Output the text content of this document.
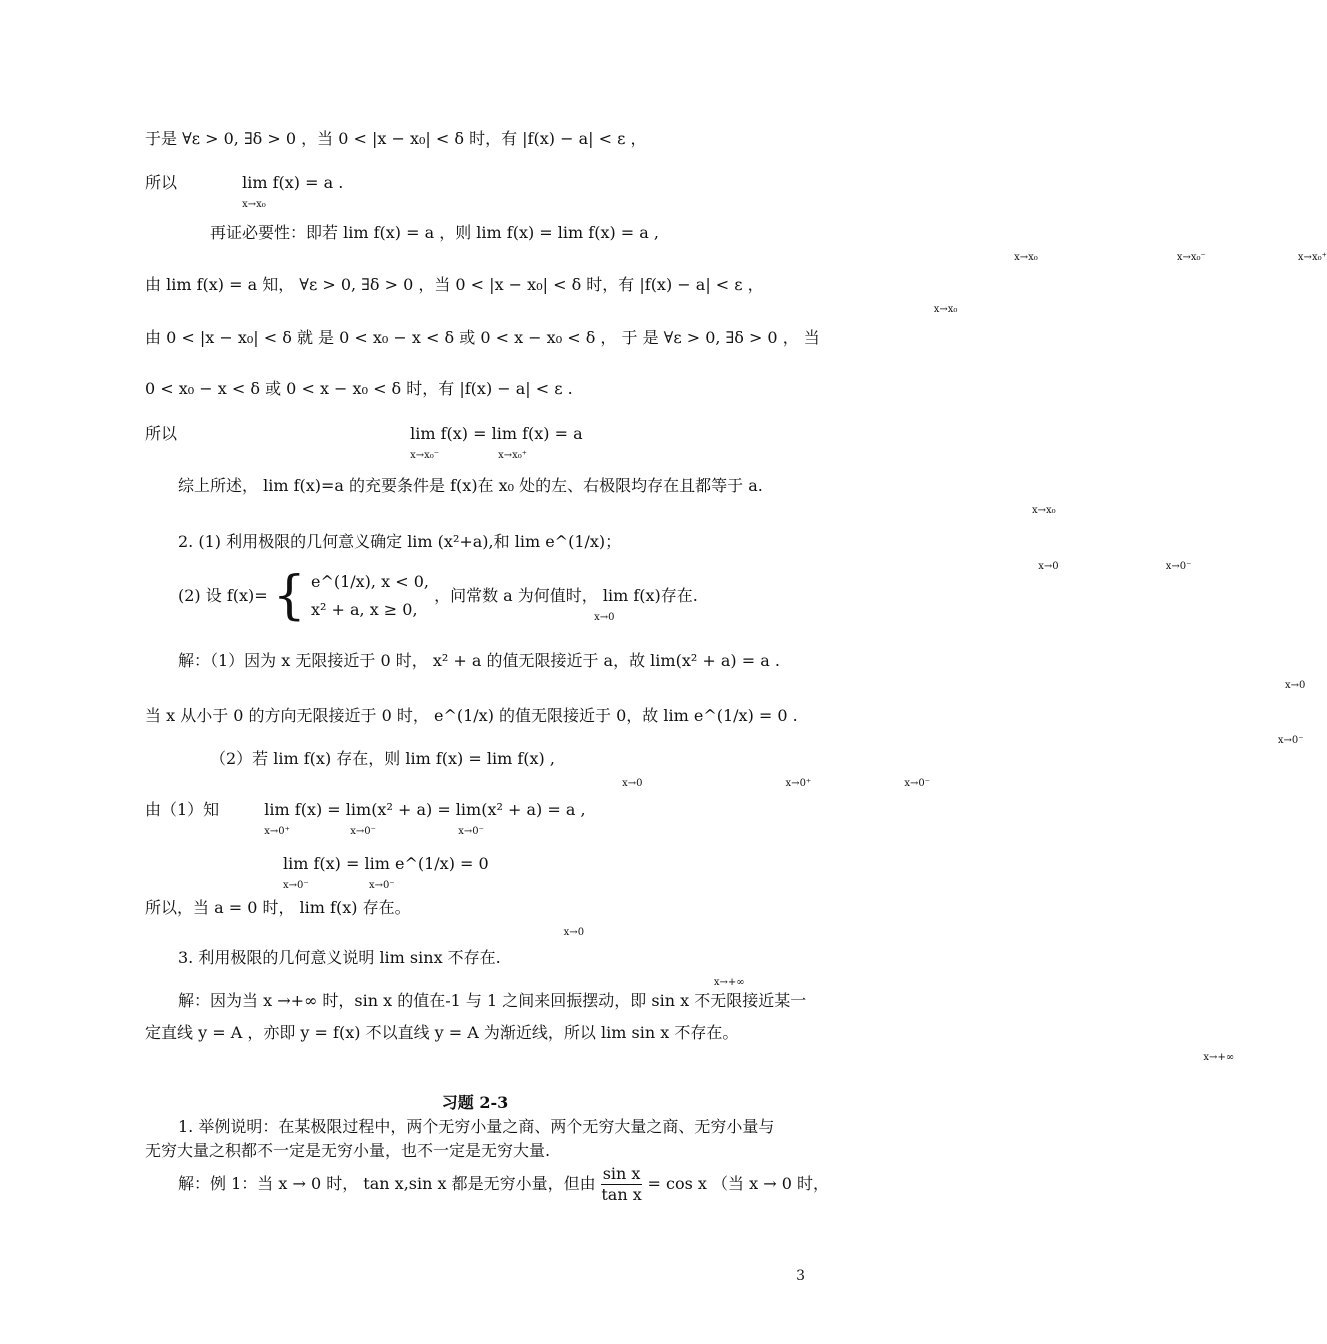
于是 ∀ε > 0, ∃δ > 0 ，当 0 < |x − x₀| < δ 时，有 |f(x) − a| < ε ，
所以	lim f(x) = a .
x→x₀
再证必要性：即若 lim f(x) = a ，则 lim f(x) = lim f(x) = a , x→x₀	x→x₀⁻	x→x₀⁺
由 lim f(x) = a 知， ∀ε > 0, ∃δ > 0 ，当 0 < |x − x₀| < δ 时，有 |f(x) − a| < ε ， x→x₀
由 0 < |x − x₀| < δ 就 是 0 < x₀ − x < δ 或 0 < x − x₀ < δ ， 于 是 ∀ε > 0, ∃δ > 0 ， 当
0 < x₀ − x < δ 或 0 < x − x₀ < δ 时，有 |f(x) − a| < ε .
所以	lim f(x) = lim f(x) = a
x→x₀⁻	x→x₀⁺
综上所述， lim f(x)=a 的充要条件是 f(x)在 x₀ 处的左、右极限均存在且都等于 a. x→x₀
2. (1) 利用极限的几何意义确定 lim (x²+a),和 lim e^(1/x)； x→0	x→0⁻
(2) 设 f(x)= { e^(1/x), x < 0,
x² + a, x ≥ 0,
，问常数 a 为何值时， lim f(x)存在.
x→0
解：（1）因为 x 无限接近于 0 时， x² + a 的值无限接近于 a，故 lim(x² + a) = a . x→0
当 x 从小于 0 的方向无限接近于 0 时， e^(1/x) 的值无限接近于 0，故 lim e^(1/x) = 0 . x→0⁻
（2）若 lim f(x) 存在，则 lim f(x) = lim f(x) , x→0	x→0⁺	x→0⁻
由（1）知	lim f(x) = lim(x² + a) = lim(x² + a) = a ,
x→0⁺	x→0⁻	x→0⁻
lim f(x) = lim e^(1/x) = 0
x→0⁻	x→0⁻
所以，当 a = 0 时， lim f(x) 存在。 x→0
3. 利用极限的几何意义说明 lim sinx 不存在. x→+∞
解：因为当 x →+∞ 时，sin x 的值在-1 与 1 之间来回振摆动，即 sin x 不无限接近某一
定直线 y = A ，亦即 y = f(x) 不以直线 y = A 为渐近线，所以 lim sin x 不存在。 x→+∞
习题 2-3
1. 举例说明：在某极限过程中，两个无穷小量之商、两个无穷大量之商、无穷小量与
无穷大量之积都不一定是无穷小量，也不一定是无穷大量.
解：例 1：当 x → 0 时， tan x,sin x 都是无穷小量，但由 $\frac{\text{sin x}}{\text{tan x}} = \cos x$ （当 x → 0 时，
3
